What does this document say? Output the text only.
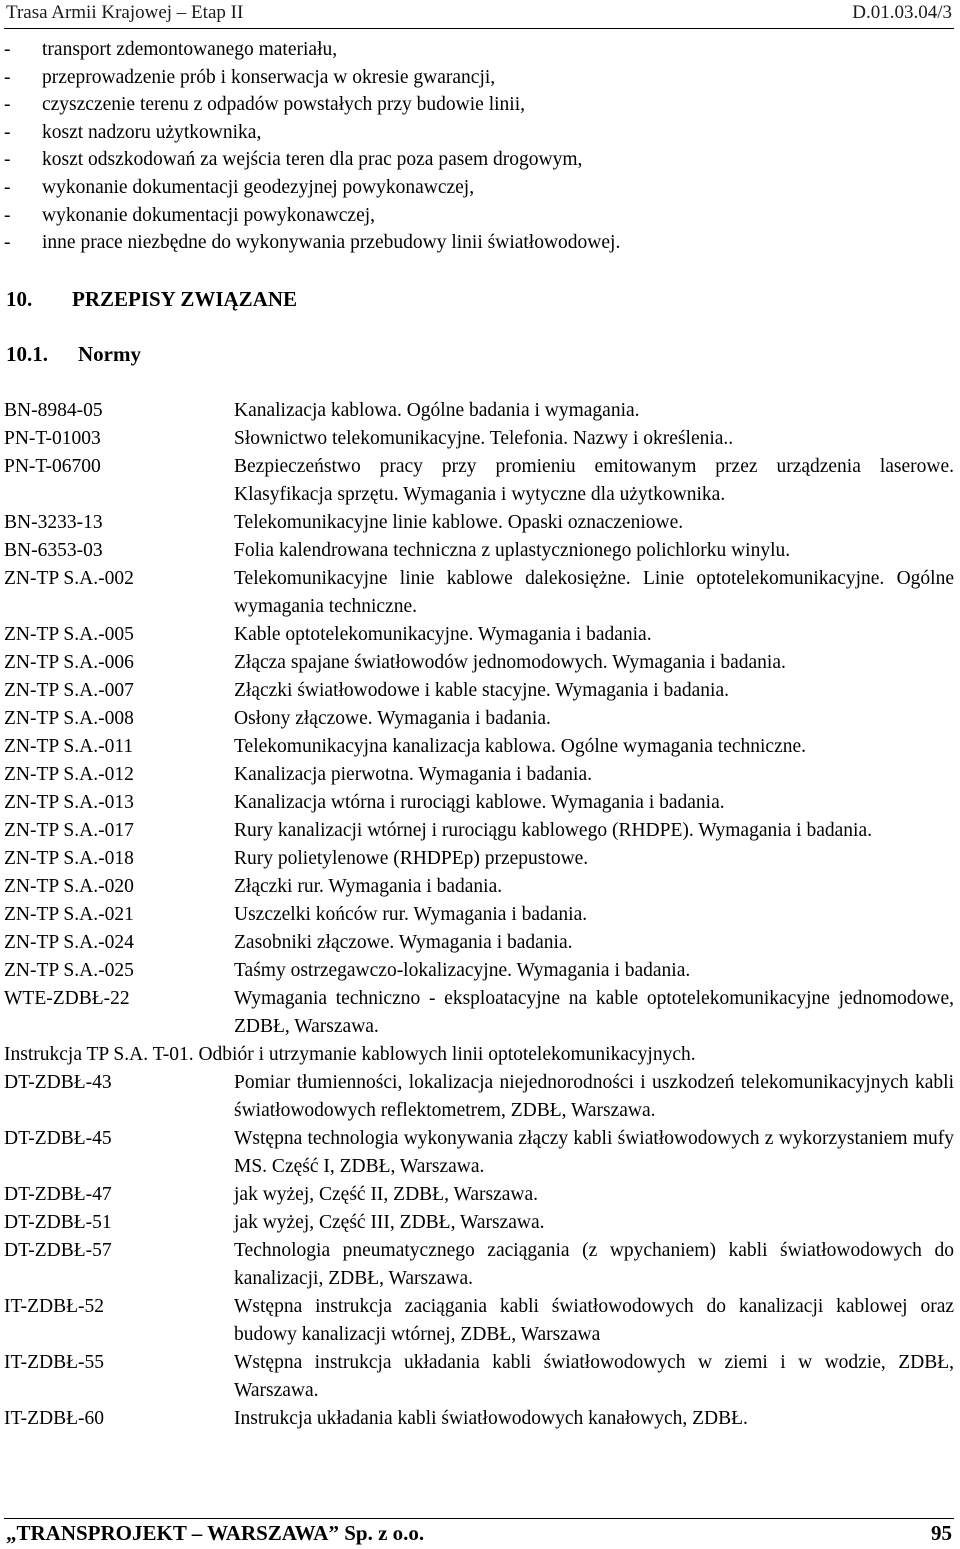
Trasa Armii Krajowej – Etap II	D.01.03.04/3
- transport zdemontowanego materiału,
- przeprowadzenie prób i konserwacja w okresie gwarancji,
- czyszczenie terenu z odpadów powstałych przy budowie linii,
- koszt nadzoru użytkownika,
- koszt odszkodowań za wejścia teren dla prac poza pasem drogowym,
- wykonanie dokumentacji geodezyjnej powykonawczej,
- wykonanie dokumentacji powykonawczej,
- inne prace niezbędne do wykonywania przebudowy linii światłowodowej.
10. PRZEPISY ZWIĄZANE
10.1. Normy
BN-8984-05	Kanalizacja kablowa. Ogólne badania i wymagania.
PN-T-01003	Słownictwo telekomunikacyjne. Telefonia. Nazwy i określenia..
PN-T-06700	Bezpieczeństwo pracy przy promieniu emitowanym przez urządzenia laserowe. Klasyfikacja sprzętu. Wymagania i wytyczne dla użytkownika.
BN-3233-13	Telekomunikacyjne linie kablowe. Opaski oznaczeniowe.
BN-6353-03	Folia kalendrowana techniczna z uplastycznionego polichlorku winylu.
ZN-TP S.A.-002	Telekomunikacyjne linie kablowe dalekosiężne. Linie optotelekomunikacyjne. Ogólne wymagania techniczne.
ZN-TP S.A.-005	Kable optotelekomunikacyjne. Wymagania i badania.
ZN-TP S.A.-006	Złącza spajane światłowodów jednomodowych. Wymagania i badania.
ZN-TP S.A.-007	Złączki światłowodowe i kable stacyjne. Wymagania i badania.
ZN-TP S.A.-008	Osłony złączowe. Wymagania i badania.
ZN-TP S.A.-011	Telekomunikacyjna kanalizacja kablowa. Ogólne wymagania techniczne.
ZN-TP S.A.-012	Kanalizacja pierwotna. Wymagania i badania.
ZN-TP S.A.-013	Kanalizacja wtórna i rurociągi kablowe. Wymagania i badania.
ZN-TP S.A.-017	Rury kanalizacji wtórnej i rurociągu kablowego (RHDPE). Wymagania i badania.
ZN-TP S.A.-018	Rury polietylenowe (RHDPEp) przepustowe.
ZN-TP S.A.-020	Złączki rur. Wymagania i badania.
ZN-TP S.A.-021	Uszczelki końców rur. Wymagania i badania.
ZN-TP S.A.-024	Zasobniki złączowe. Wymagania i badania.
ZN-TP S.A.-025	Taśmy ostrzegawczo-lokalizacyjne. Wymagania i badania.
WTE-ZDBŁ-22	Wymagania techniczno - eksploatacyjne na kable optotelekomunikacyjne jednomodowe, ZDBŁ, Warszawa.
Instrukcja TP S.A. T-01. Odbiór i utrzymanie kablowych linii optotelekomunikacyjnych.
DT-ZDBŁ-43	Pomiar tłumienności, lokalizacja niejednorodności i uszkodzeń telekomunikacyjnych kabli światłowodowych reflektometrem, ZDBŁ, Warszawa.
DT-ZDBŁ-45	Wstępna technologia wykonywania złączy kabli światłowodowych z wykorzystaniem mufy MS. Część I, ZDBŁ, Warszawa.
DT-ZDBŁ-47	jak wyżej, Część II, ZDBŁ, Warszawa.
DT-ZDBŁ-51	jak wyżej, Część III, ZDBŁ, Warszawa.
DT-ZDBŁ-57	Technologia pneumatycznego zaciągania (z wpychaniem) kabli światłowodowych do kanalizacji, ZDBŁ, Warszawa.
IT-ZDBŁ-52	Wstępna instrukcja zaciągania kabli światłowodowych do kanalizacji kablowej oraz budowy kanalizacji wtórnej, ZDBŁ, Warszawa
IT-ZDBŁ-55	Wstępna instrukcja układania kabli światłowodowych w ziemi i w wodzie, ZDBŁ, Warszawa.
IT-ZDBŁ-60	Instrukcja układania kabli światłowodowych kanałowych, ZDBŁ.
„TRANSPROJEKT – WARSZAWA” Sp. z o.o.	95
